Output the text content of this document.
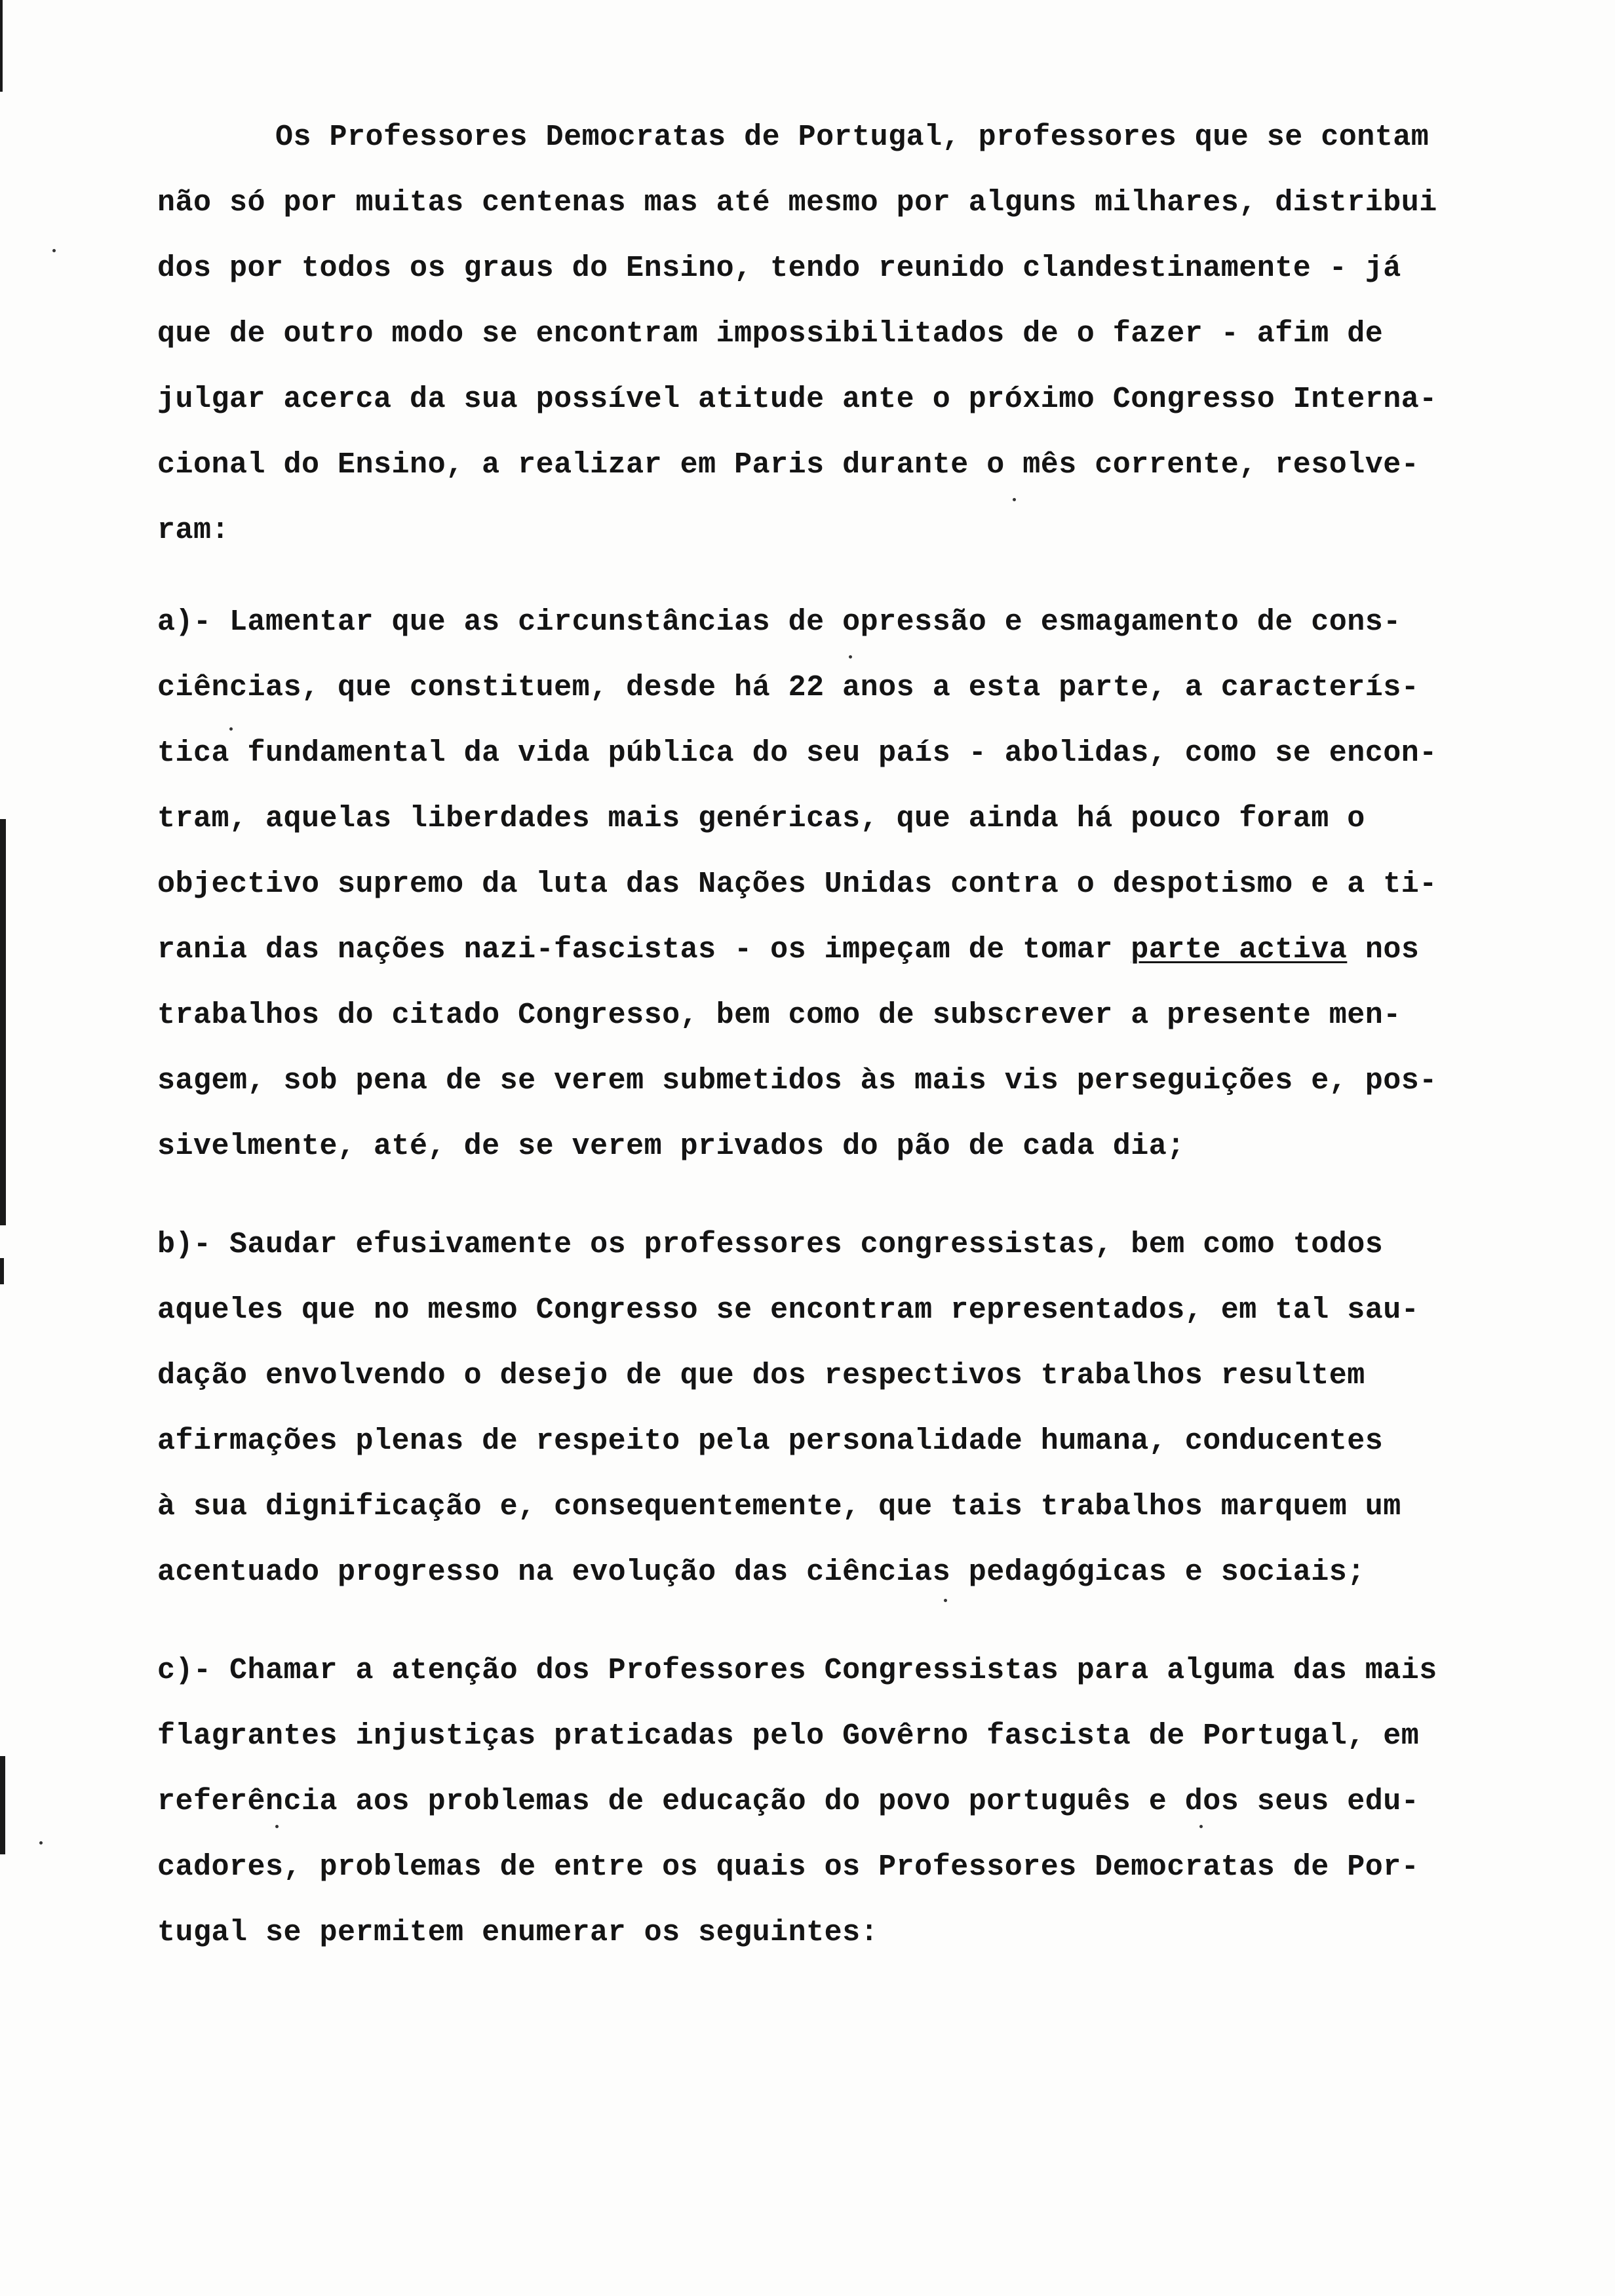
Os Professores Democratas de Portugal, professores que se contam
não só por muitas centenas mas até mesmo por alguns milhares, distribui
dos por todos os graus do Ensino, tendo reunido clandestinamente - já
que de outro modo se encontram impossibilitados de o fazer - afim de
julgar acerca da sua possível atitude ante o próximo Congresso Interna-
cional do Ensino, a realizar em Paris durante o mês corrente, resolve-
ram:
a)- Lamentar que as circunstâncias de opressão e esmagamento de cons-
ciências, que constituem, desde há 22 anos a esta parte, a caracterís-
tica fundamental da vida pública do seu país - abolidas, como se encon-
tram, aquelas liberdades mais genéricas, que ainda há pouco foram o
objectivo supremo da luta das Nações Unidas contra o despotismo e a ti-
rania das nações nazi-fascistas - os impeçam de tomar parte activa nos
trabalhos do citado Congresso, bem como de subscrever a presente men-
sagem, sob pena de se verem submetidos às mais vis perseguições e, pos-
sivelmente, até, de se verem privados do pão de cada dia;
b)- Saudar efusivamente os professores congressistas, bem como todos
aqueles que no mesmo Congresso se encontram representados, em tal sau-
dação envolvendo o desejo de que dos respectivos trabalhos resultem
afirmações plenas de respeito pela personalidade humana, conducentes
à sua dignificação e, consequentemente, que tais trabalhos marquem um
acentuado progresso na evolução das ciências pedagógicas e sociais;
c)- Chamar a atenção dos Professores Congressistas para alguma das mais
flagrantes injustiças praticadas pelo Govêrno fascista de Portugal, em
referência aos problemas de educação do povo português e dos seus edu-
cadores, problemas de entre os quais os Professores Democratas de Por-
tugal se permitem enumerar os seguintes:
